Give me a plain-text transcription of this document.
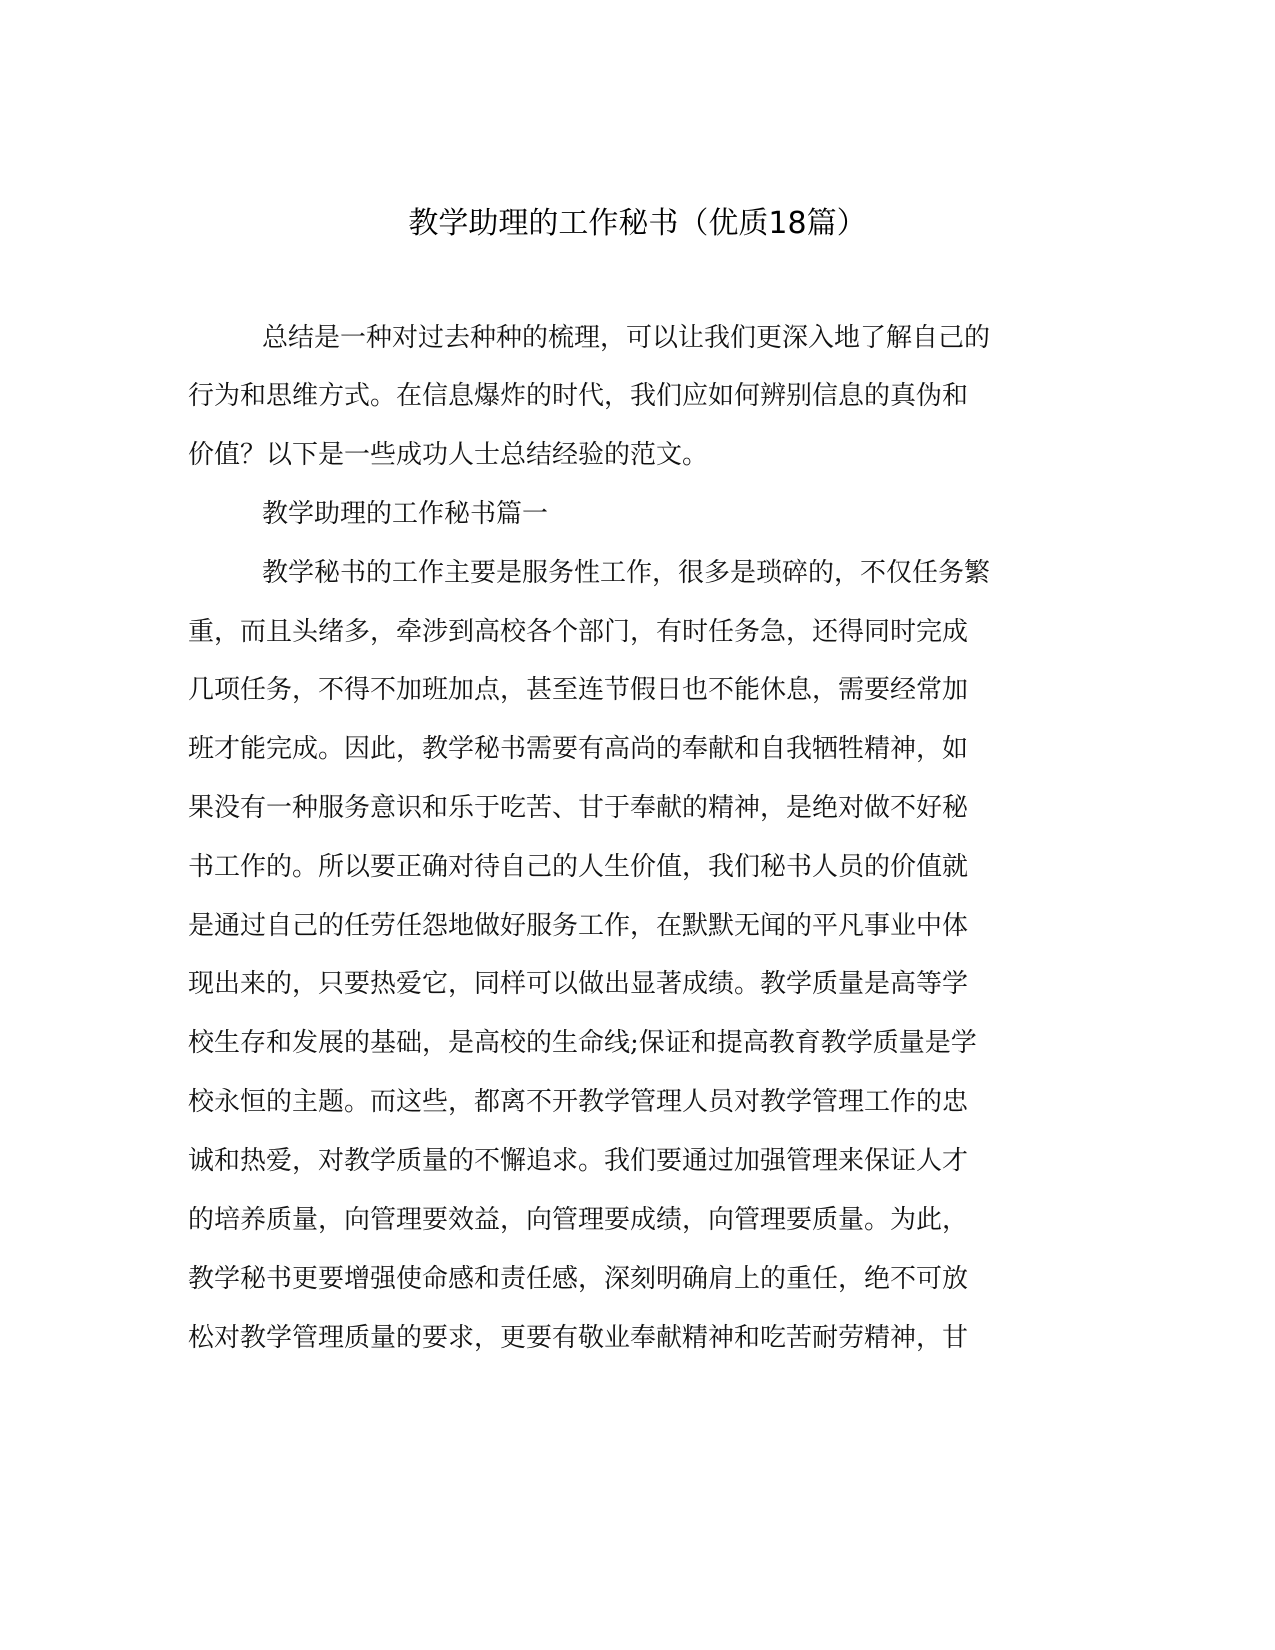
教学助理的工作秘书（优质18篇）
总结是一种对过去种种的梳理，可以让我们更深入地了解自己的
行为和思维方式。在信息爆炸的时代，我们应如何辨别信息的真伪和
价值？以下是一些成功人士总结经验的范文。
教学助理的工作秘书篇一
教学秘书的工作主要是服务性工作，很多是琐碎的，不仅任务繁
重，而且头绪多，牵涉到高校各个部门，有时任务急，还得同时完成
几项任务，不得不加班加点，甚至连节假日也不能休息，需要经常加
班才能完成。因此，教学秘书需要有高尚的奉献和自我牺牲精神，如
果没有一种服务意识和乐于吃苦、甘于奉献的精神，是绝对做不好秘
书工作的。所以要正确对待自己的人生价值，我们秘书人员的价值就
是通过自己的任劳任怨地做好服务工作，在默默无闻的平凡事业中体
现出来的，只要热爱它，同样可以做出显著成绩。教学质量是高等学
校生存和发展的基础，是高校的生命线;保证和提高教育教学质量是学
校永恒的主题。而这些，都离不开教学管理人员对教学管理工作的忠
诚和热爱，对教学质量的不懈追求。我们要通过加强管理来保证人才
的培养质量，向管理要效益，向管理要成绩，向管理要质量。为此，
教学秘书更要增强使命感和责任感，深刻明确肩上的重任，绝不可放
松对教学管理质量的要求，更要有敬业奉献精神和吃苦耐劳精神，甘
